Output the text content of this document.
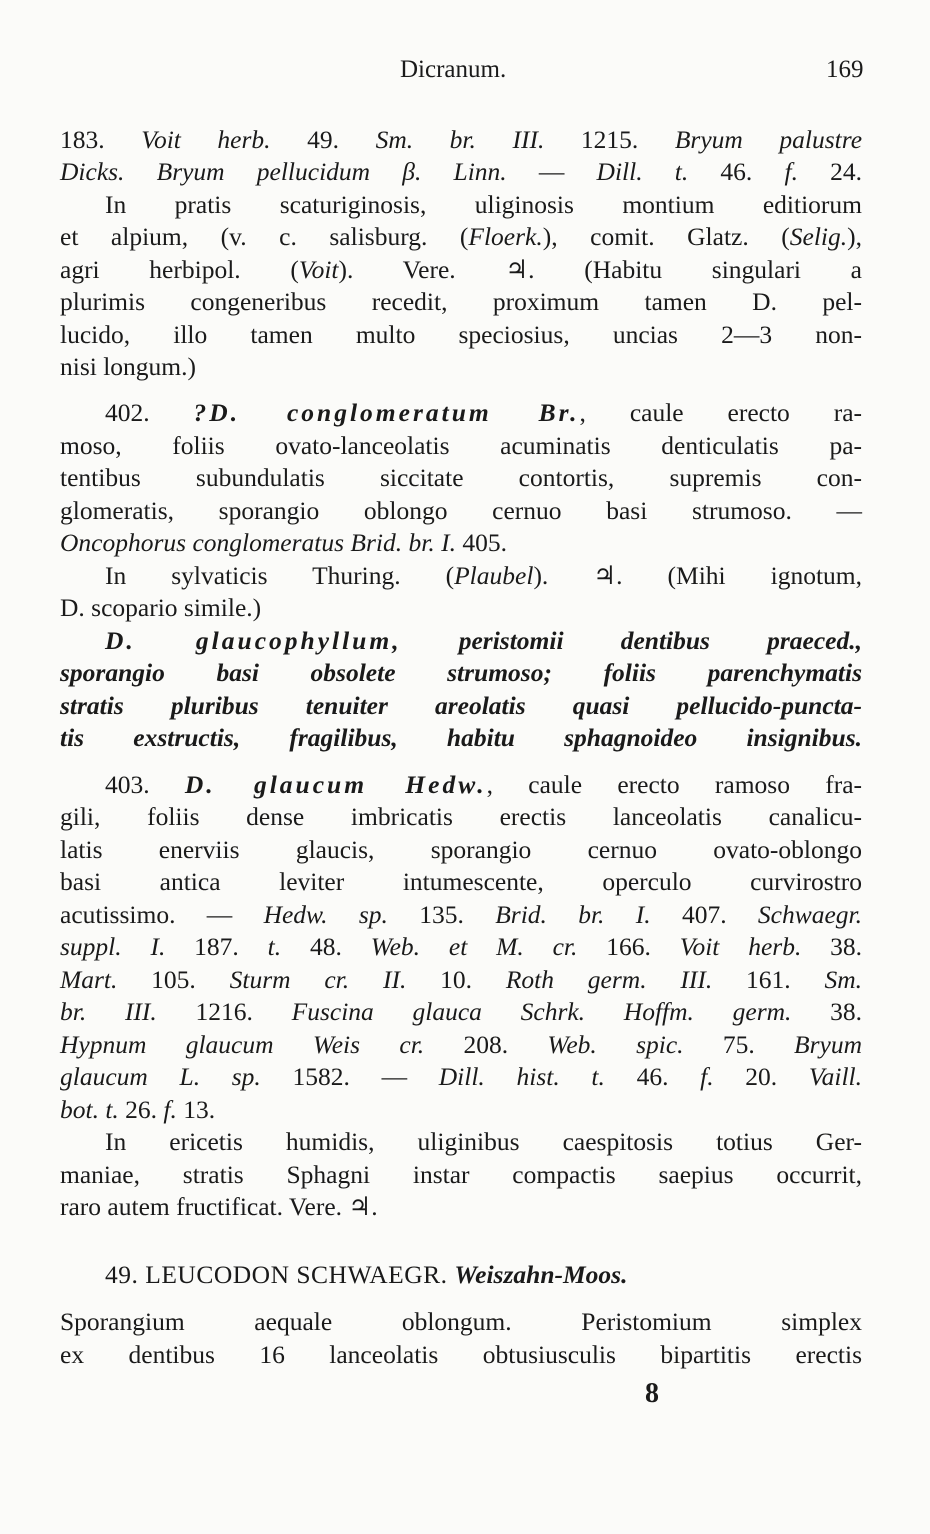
Dicranum.	169
183. Voit herb. 49. Sm. br. III. 1215. Bryum palustre
Dicks. Bryum pellucidum β. Linn. — Dill. t. 46. f. 24.
In pratis scaturiginosis, uliginosis montium editiorum
et alpium, (v. c. salisburg. (Floerk.), comit. Glatz. (Selig.),
agri herbipol. (Voit). Vere. ♃. (Habitu singulari a
plurimis congeneribus recedit, proximum tamen D. pel-
lucido, illo tamen multo speciosius, uncias 2—3 non-
nisi longum.)
402. ?D. conglomeratum Br., caule erecto ra-
moso, foliis ovato-lanceolatis acuminatis denticulatis pa-
tentibus subundulatis siccitate contortis, supremis con-
glomeratis, sporangio oblongo cernuo basi strumoso. —
Oncophorus conglomeratus Brid. br. I. 405.
In sylvaticis Thuring. (Plaubel). ♃. (Mihi ignotum,
D. scopario simile.)
D. glaucophyllum, peristomii dentibus praeced.,
sporangio basi obsolete strumoso; foliis parenchymatis
stratis pluribus tenuiter areolatis quasi pellucido-puncta-
tis exstructis, fragilibus, habitu sphagnoideo insignibus.
403. D. glaucum Hedw., caule erecto ramoso fra-
gili, foliis dense imbricatis erectis lanceolatis canalicu-
latis enerviis glaucis, sporangio cernuo ovato-oblongo
basi antica leviter intumescente, operculo curvirostro
acutissimo. — Hedw. sp. 135. Brid. br. I. 407. Schwaegr.
suppl. I. 187. t. 48. Web. et M. cr. 166. Voit herb. 38.
Mart. 105. Sturm cr. II. 10. Roth germ. III. 161. Sm.
br. III. 1216. Fuscina glauca Schrk. Hoffm. germ. 38.
Hypnum glaucum Weis cr. 208. Web. spic. 75. Bryum
glaucum L. sp. 1582. — Dill. hist. t. 46. f. 20. Vaill.
bot. t. 26. f. 13.
In ericetis humidis, uliginibus caespitosis totius Ger-
maniae, stratis Sphagni instar compactis saepius occurrit,
raro autem fructificat. Vere. ♃.
49. LEUCODON SCHWAEGR. Weiszahn-Moos.
Sporangium aequale oblongum. Peristomium simplex
ex dentibus 16 lanceolatis obtusiusculis bipartitis erectis
8
